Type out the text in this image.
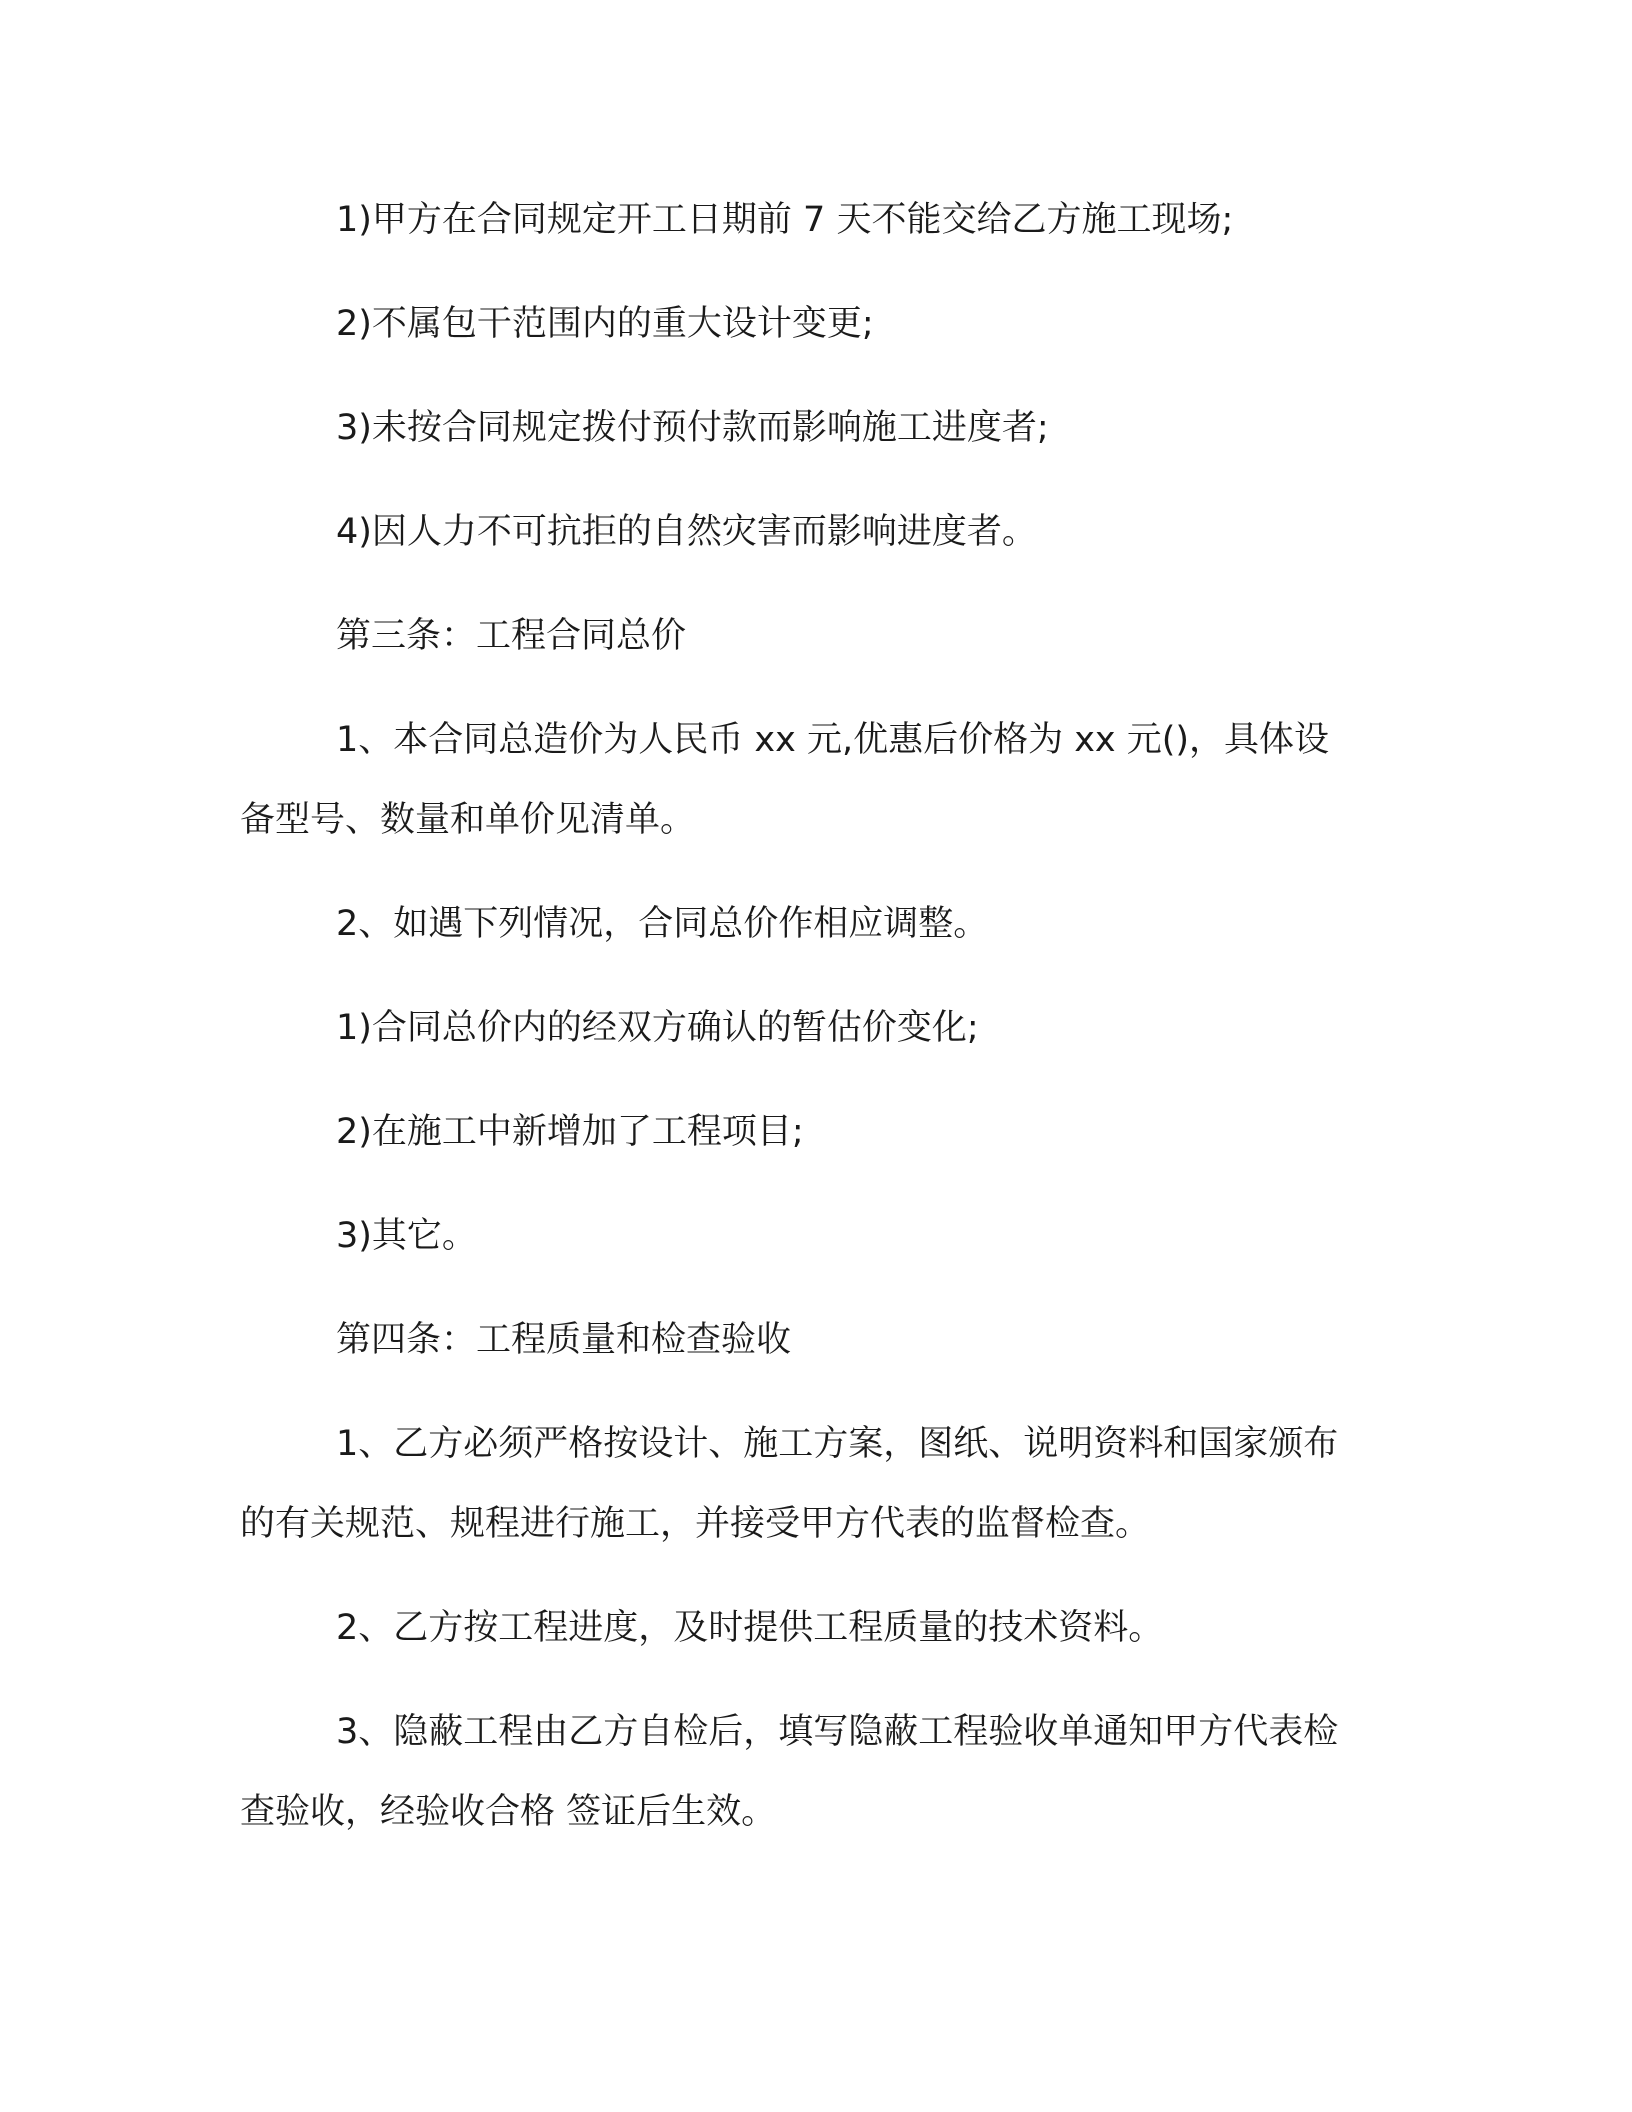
1)甲方在合同规定开工日期前 7 天不能交给乙方施工现场;

2)不属包干范围内的重大设计变更;

3)未按合同规定拨付预付款而影响施工进度者;

4)因人力不可抗拒的自然灾害而影响进度者。

第三条：工程合同总价

1、本合同总造价为人民币 xx 元,优惠后价格为 xx 元()，具体设备型号、数量和单价见清单。

2、如遇下列情况，合同总价作相应调整。

1)合同总价内的经双方确认的暂估价变化;

2)在施工中新增加了工程项目;

3)其它。

第四条：工程质量和检查验收

1、乙方必须严格按设计、施工方案，图纸、说明资料和国家颁布的有关规范、规程进行施工，并接受甲方代表的监督检查。

2、乙方按工程进度，及时提供工程质量的技术资料。

3、隐蔽工程由乙方自检后，填写隐蔽工程验收单通知甲方代表检查验收，经验收合格 签证后生效。
